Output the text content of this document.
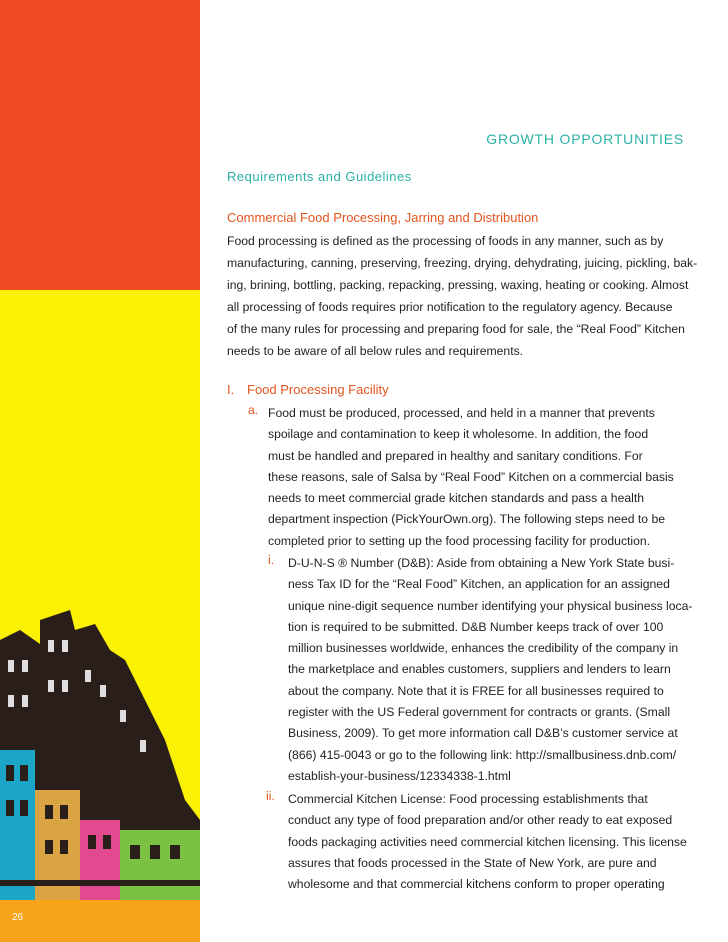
26
GROWTH OPPORTUNITIES
Requirements and Guidelines
Commercial Food Processing, Jarring and Distribution
Food processing is defined as the processing of foods in any manner, such as by
manufacturing, canning, preserving, freezing, drying, dehydrating, juicing, pickling, bak-
ing, brining, bottling, packing, repacking, pressing, waxing, heating or cooking. Almost
all processing of foods requires prior notification to the regulatory agency. Because
of the many rules for processing and preparing food for sale, the “Real Food” Kitchen
needs to be aware of all below rules and requirements.
I. Food Processing Facility
a. Food must be produced, processed, and held in a manner that prevents
spoilage and contamination to keep it wholesome. In addition, the food
must be handled and prepared in healthy and sanitary conditions. For
these reasons, sale of Salsa by “Real Food” Kitchen on a commercial basis
needs to meet commercial grade kitchen standards and pass a health
department inspection (PickYourOwn.org). The following steps need to be
completed prior to setting up the food processing facility for production.
i. D-U-N-S ® Number (D&B): Aside from obtaining a New York State busi-
ness Tax ID for the “Real Food” Kitchen, an application for an assigned
unique nine-digit sequence number identifying your physical business loca-
tion is required to be submitted. D&B Number keeps track of over 100
million businesses worldwide, enhances the credibility of the company in
the marketplace and enables customers, suppliers and lenders to learn
about the company. Note that it is FREE for all businesses required to
register with the US Federal government for contracts or grants. (Small
Business, 2009). To get more information call D&B’s customer service at
(866) 415-0043 or go to the following link: http://smallbusiness.dnb.com/
establish-your-business/12334338-1.html
ii. Commercial Kitchen License: Food processing establishments that
conduct any type of food preparation and/or other ready to eat exposed
foods packaging activities need commercial kitchen licensing. This license
assures that foods processed in the State of New York, are pure and
wholesome and that commercial kitchens conform to proper operating
